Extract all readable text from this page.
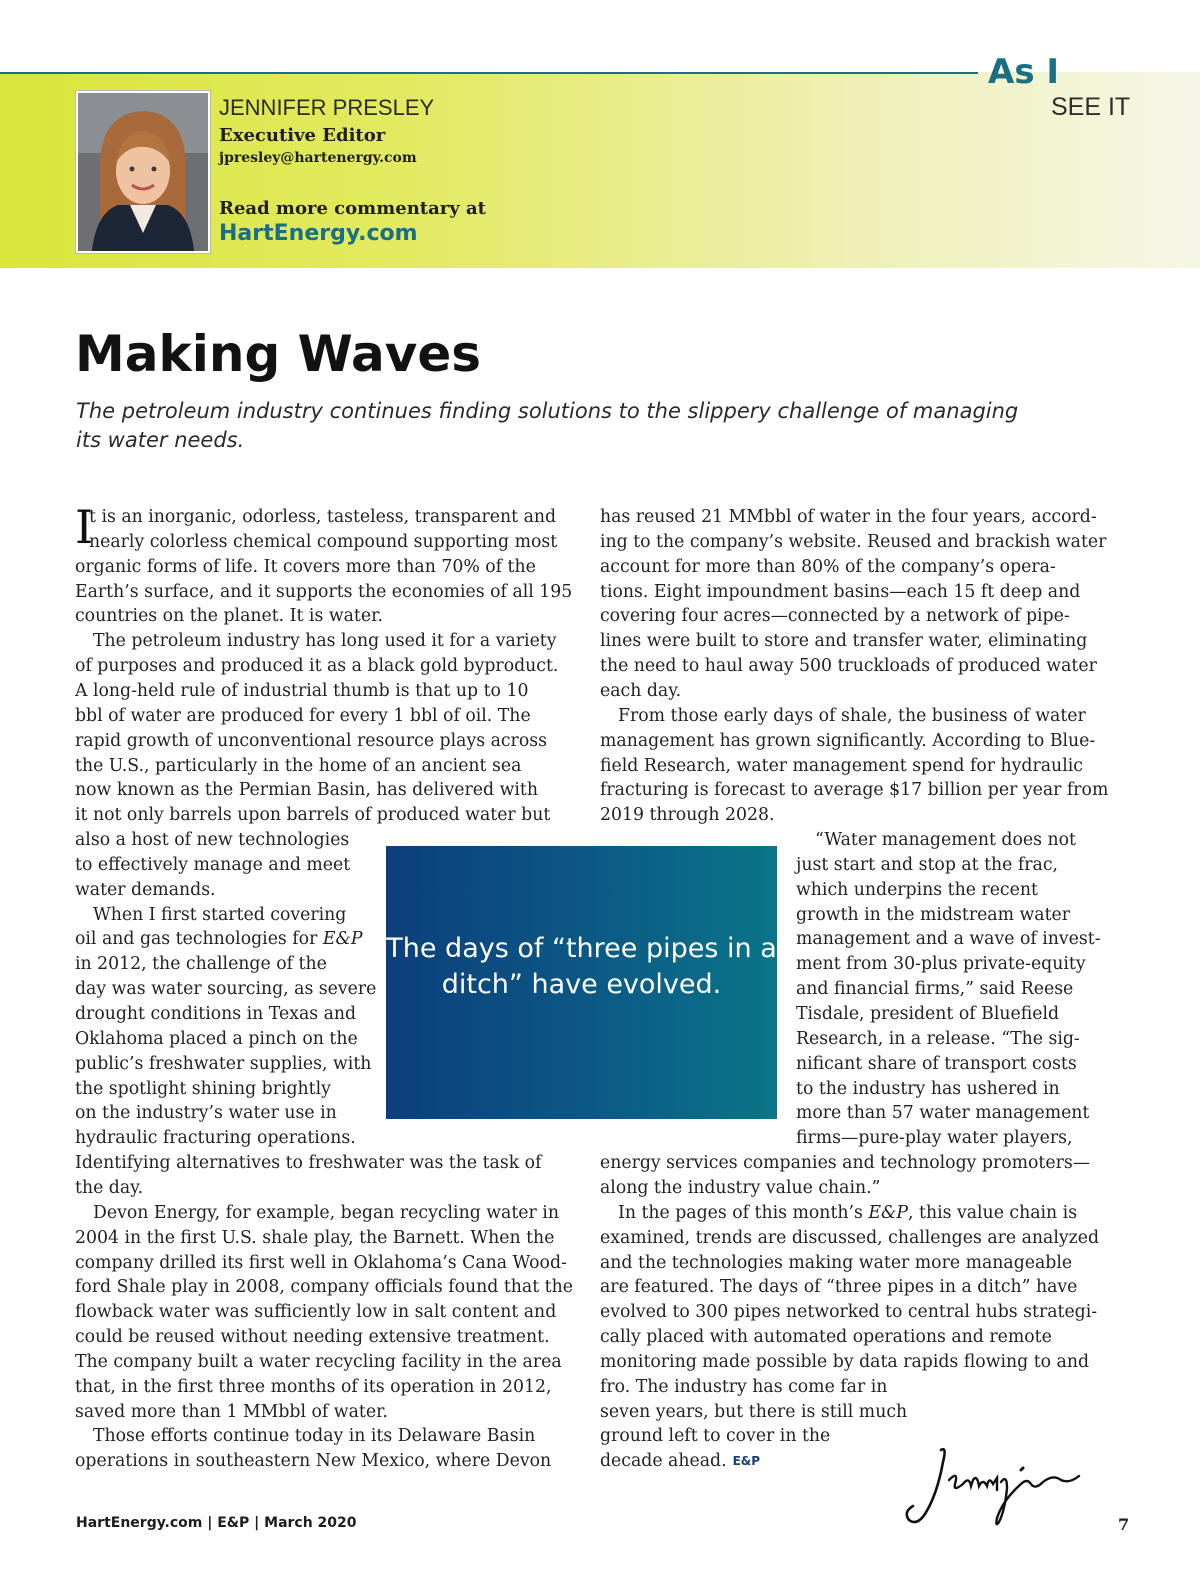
As I
SEE IT
JENNIFER PRESLEY
Executive Editor
jpresley@hartenergy.com
Read more commentary at
HartEnergy.com
Making Waves
The petroleum industry continues finding solutions to the slippery challenge of managing its water needs.
I
t is an inorganic, odorless, tasteless, transparent and
nearly colorless chemical compound supporting most
organic forms of life. It covers more than 70% of the
Earth’s surface, and it supports the economies of all 195
countries on the planet. It is water.
The petroleum industry has long used it for a variety
of purposes and produced it as a black gold byproduct.
A long-held rule of industrial thumb is that up to 10
bbl of water are produced for every 1 bbl of oil. The
rapid growth of unconventional resource plays across
the U.S., particularly in the home of an ancient sea
now known as the Permian Basin, has delivered with
it not only barrels upon barrels of produced water but
also a host of new technologies
to effectively manage and meet
water demands.
When I first started covering
oil and gas technologies for E&P
in 2012, the challenge of the
day was water sourcing, as severe
drought conditions in Texas and
Oklahoma placed a pinch on the
public’s freshwater supplies, with
the spotlight shining brightly
on the industry’s water use in
hydraulic fracturing operations.
Identifying alternatives to freshwater was the task of
the day.
Devon Energy, for example, began recycling water in
2004 in the first U.S. shale play, the Barnett. When the
company drilled its first well in Oklahoma’s Cana Wood-
ford Shale play in 2008, company officials found that the
flowback water was sufficiently low in salt content and
could be reused without needing extensive treatment.
The company built a water recycling facility in the area
that, in the first three months of its operation in 2012,
saved more than 1 MMbbl of water.
Those efforts continue today in its Delaware Basin
operations in southeastern New Mexico, where Devon
has reused 21 MMbbl of water in the four years, accord-
ing to the company’s website. Reused and brackish water
account for more than 80% of the company’s opera-
tions. Eight impoundment basins—each 15 ft deep and
covering four acres—connected by a network of pipe-
lines were built to store and transfer water, eliminating
the need to haul away 500 truckloads of produced water
each day.
From those early days of shale, the business of water
management has grown significantly. According to Blue-
field Research, water management spend for hydraulic
fracturing is forecast to average $17 billion per year from
2019 through 2028.
“Water management does not
just start and stop at the frac,
which underpins the recent
growth in the midstream water
management and a wave of invest-
ment from 30-plus private-equity
and financial firms,” said Reese
Tisdale, president of Bluefield
Research, in a release. “The sig-
nificant share of transport costs
to the industry has ushered in
more than 57 water management
firms—pure-play water players,
energy services companies and technology promoters—
along the industry value chain.”
In the pages of this month’s E&P, this value chain is
examined, trends are discussed, challenges are analyzed
and the technologies making water more manageable
are featured. The days of “three pipes in a ditch” have
evolved to 300 pipes networked to central hubs strategi-
cally placed with automated operations and remote
monitoring made possible by data rapids flowing to and
fro. The industry has come far in
seven years, but there is still much
ground left to cover in the
decade ahead. E&P
The days of “three pipes in a ditch” have evolved.
HartEnergy.com | E&P | March 2020	7
